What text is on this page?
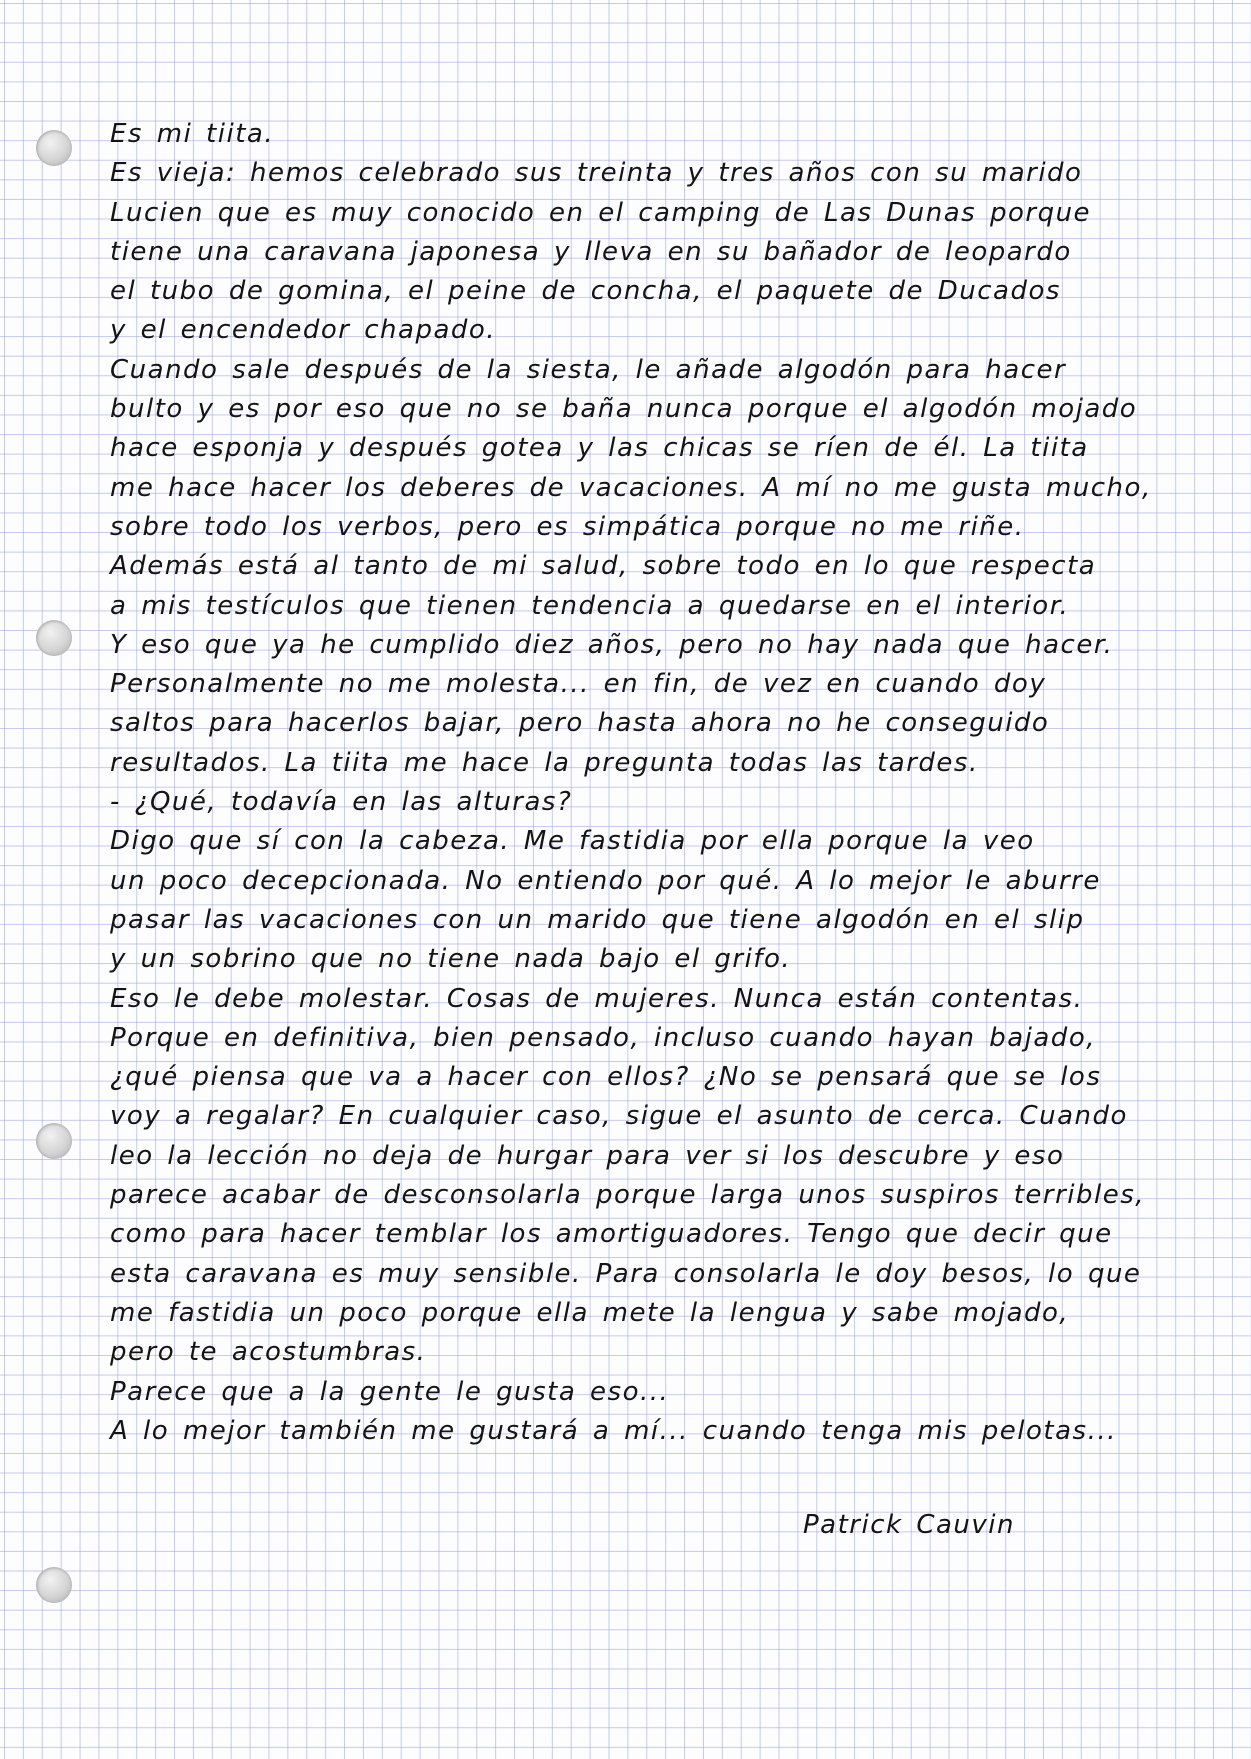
Es mi tiita.
Es vieja: hemos celebrado sus treinta y tres años con su marido
Lucien que es muy conocido en el camping de Las Dunas porque
tiene una caravana japonesa y lleva en su bañador de leopardo
el tubo de gomina, el peine de concha, el paquete de Ducados
y el encendedor chapado.
Cuando sale después de la siesta, le añade algodón para hacer
bulto y es por eso que no se baña nunca porque el algodón mojado
hace esponja y después gotea y las chicas se ríen de él. La tiita
me hace hacer los deberes de vacaciones. A mí no me gusta mucho,
sobre todo los verbos, pero es simpática porque no me riñe.
Además está al tanto de mi salud, sobre todo en lo que respecta
a mis testículos que tienen tendencia a quedarse en el interior.
Y eso que ya he cumplido diez años, pero no hay nada que hacer.
Personalmente no me molesta... en fin, de vez en cuando doy
saltos para hacerlos bajar, pero hasta ahora no he conseguido
resultados. La tiita me hace la pregunta todas las tardes.
- ¿Qué, todavía en las alturas?
Digo que sí con la cabeza. Me fastidia por ella porque la veo
un poco decepcionada. No entiendo por qué. A lo mejor le aburre
pasar las vacaciones con un marido que tiene algodón en el slip
y un sobrino que no tiene nada bajo el grifo.
Eso le debe molestar. Cosas de mujeres. Nunca están contentas.
Porque en definitiva, bien pensado, incluso cuando hayan bajado,
¿qué piensa que va a hacer con ellos? ¿No se pensará que se los
voy a regalar? En cualquier caso, sigue el asunto de cerca. Cuando
leo la lección no deja de hurgar para ver si los descubre y eso
parece acabar de desconsolarla porque larga unos suspiros terribles,
como para hacer temblar los amortiguadores. Tengo que decir que
esta caravana es muy sensible. Para consolarla le doy besos, lo que
me fastidia un poco porque ella mete la lengua y sabe mojado,
pero te acostumbras.
Parece que a la gente le gusta eso...
A lo mejor también me gustará a mí... cuando tenga mis pelotas...
Patrick Cauvin
